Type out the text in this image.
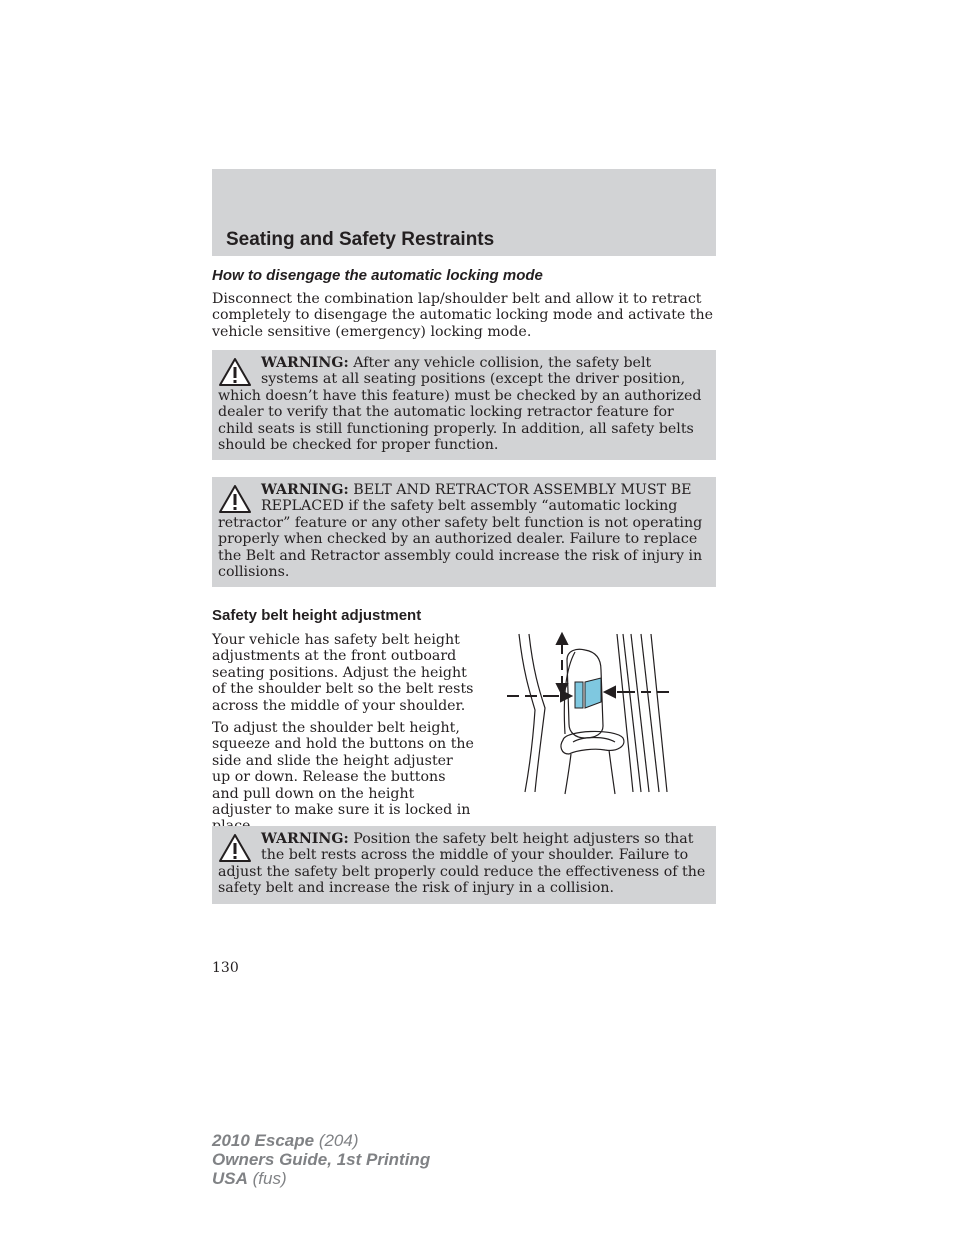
Seating and Safety Restraints
How to disengage the automatic locking mode

Disconnect the combination lap/shoulder belt and allow it to retract completely to disengage the automatic locking mode and activate the vehicle sensitive (emergency) locking mode.

WARNING: After any vehicle collision, the safety belt systems at all seating positions (except the driver position, which doesn’t have this feature) must be checked by an authorized dealer to verify that the automatic locking retractor feature for child seats is still functioning properly. In addition, all safety belts should be checked for proper function.

WARNING: BELT AND RETRACTOR ASSEMBLY MUST BE REPLACED if the safety belt assembly “automatic locking retractor” feature or any other safety belt function is not operating properly when checked by an authorized dealer. Failure to replace the Belt and Retractor assembly could increase the risk of injury in collisions.

Safety belt height adjustment

Your vehicle has safety belt height adjustments at the front outboard seating positions. Adjust the height of the shoulder belt so the belt rests across the middle of your shoulder.

To adjust the shoulder belt height, squeeze and hold the buttons on the side and slide the height adjuster up or down. Release the buttons and pull down on the height adjuster to make sure it is locked in

WARNING: Position the safety belt height adjusters so that the belt rests across the middle of your shoulder. Failure to adjust the safety belt properly could reduce the effectiveness of the safety belt and increase the risk of injury in a collision.

130

2010 Escape (204)
Owners Guide, 1st Printing
USA (fus)
